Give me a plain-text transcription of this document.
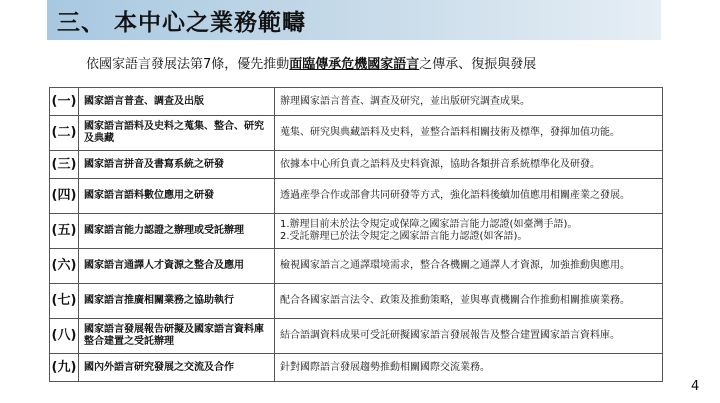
三、 本中心之業務範疇
依國家語言發展法第7條，優先推動面臨傳承危機國家語言之傳承、復振與發展
(一)	國家語言普查、調查及出版	辦理國家語言普查、調查及研究，並出版研究調查成果。

(二)	國家語言語料及史料之蒐集、整合、研究及典藏	蒐集、研究與典藏語料及史料，並整合語料相關技術及標準，發揮加值功能。

(三)	國家語言拼音及書寫系統之研發	依據本中心所負責之語料及史料資源，協助各類拼音系統標準化及研發。

(四)	國家語言語料數位應用之研發	透過產學合作或部會共同研發等方式，強化語料後續加值應用相關產業之發展。

(五)	國家語言能力認證之辦理或受託辦理	1.辦理目前未於法令規定或保障之國家語言能力認證(如臺灣手語)。
2.受託辦理已於法令規定之國家語言能力認證(如客語)。

(六)	國家語言通譯人才資源之整合及應用	檢視國家語言之通譯環境需求，整合各機關之通譯人才資源，加強推動與應用。

(七)	國家語言推廣相關業務之協助執行	配合各國家語言法令、政策及推動策略，並與專責機關合作推動相關推廣業務。

(八)	國家語言發展報告研擬及國家語言資料庫整合建置之受託辦理	結合語調資料成果可受託研擬國家語言發展報告及整合建置國家語言資料庫。

(九)	國內外語言研究發展之交流及合作	針對國際語言發展趨勢推動相關國際交流業務。
4
